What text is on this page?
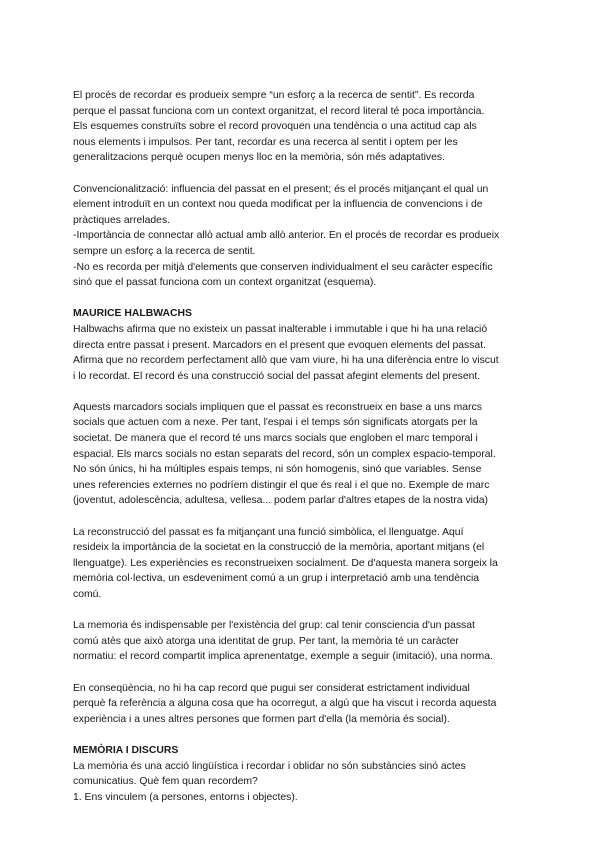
El procés de recordar es produeix sempre “un esforç a la recerca de sentit”. Es recorda
perque el passat funciona com un context organitzat, el record literal té poca importància.
Els esquemes construïts sobre el record provoquen una tendència o una actitud cap als
nous elements i impulsos. Per tant, recordar es una recerca al sentit i optem per les
generalitzacions perquè ocupen menys lloc en la memòria, són més adaptatives.

Convencionalització: influencia del passat en el present; és el procés mitjançant el qual un
element introduït en un context nou queda modificat per la influencia de convencions i de
pràctiques arrelades.
-Importància de connectar allò actual amb allò anterior. En el procés de recordar es produeix
sempre un esforç a la recerca de sentit.
-No es recorda per mitjà d'elements que conserven individualment el seu caràcter específic
sinó que el passat funciona com un context organitzat (esquema).

MAURICE HALBWACHS

Halbwachs afirma que no existeix un passat inalterable i immutable i que hi ha una relació
directa entre passat i present. Marcadors en el present que evoquen elements del passat.
Afirma que no recordem perfectament allò que vam viure, hi ha una diferència entre lo viscut
i lo recordat. El record és una construcció social del passat afegint elements del present.

Aquests marcadors socials impliquen que el passat es reconstrueix en base a uns marcs
socials que actuen com a nexe. Per tant, l'espai i el temps són significats atorgats per la
societat. De manera que el record té uns marcs socials que engloben el marc temporal i
espacial. Els marcs socials no estan separats del record, són un complex espacio-temporal.
No són únics, hi ha múltiples espais temps, ni són homogenis, sinó que variables. Sense
unes referencies externes no podríem distingir el que és real i el que no. Exemple de marc
(joventut, adolescència, adultesa, vellesa... podem parlar d'altres etapes de la nostra vida)

La reconstrucció del passat es fa mitjançant una funció simbòlica, el llenguatge. Aquí
resideix la importància de la societat en la construcció de la memòria, aportant mitjans (el
llenguatge). Les experiències es reconstrueixen socialment. De d'aquesta manera sorgeix la
memòria col·lectiva, un esdeveniment comú a un grup i interpretació amb una tendència
comú.

La memoria és indispensable per l'existència del grup: cal tenir consciencia d'un passat
comú atès que això atorga una identitat de grup. Per tant, la memòria té un caràcter
normatiu: el record compartit implica aprenentatge, exemple a seguir (imitació), una norma.

En conseqüència, no hi ha cap record que pugui ser considerat estrictament individual
perquè fa referència a alguna cosa que ha ocorregut, a algú que ha viscut i recorda aquesta
experiència i a unes altres persones que formen part d'ella (la memòria és social).

MEMÒRIA I DISCURS

La memòria és una acció lingüística i recordar i oblidar no són substàncies sinó actes
comunicatius. Què fem quan recordem?
1. Ens vinculem (a persones, entorns i objectes).
